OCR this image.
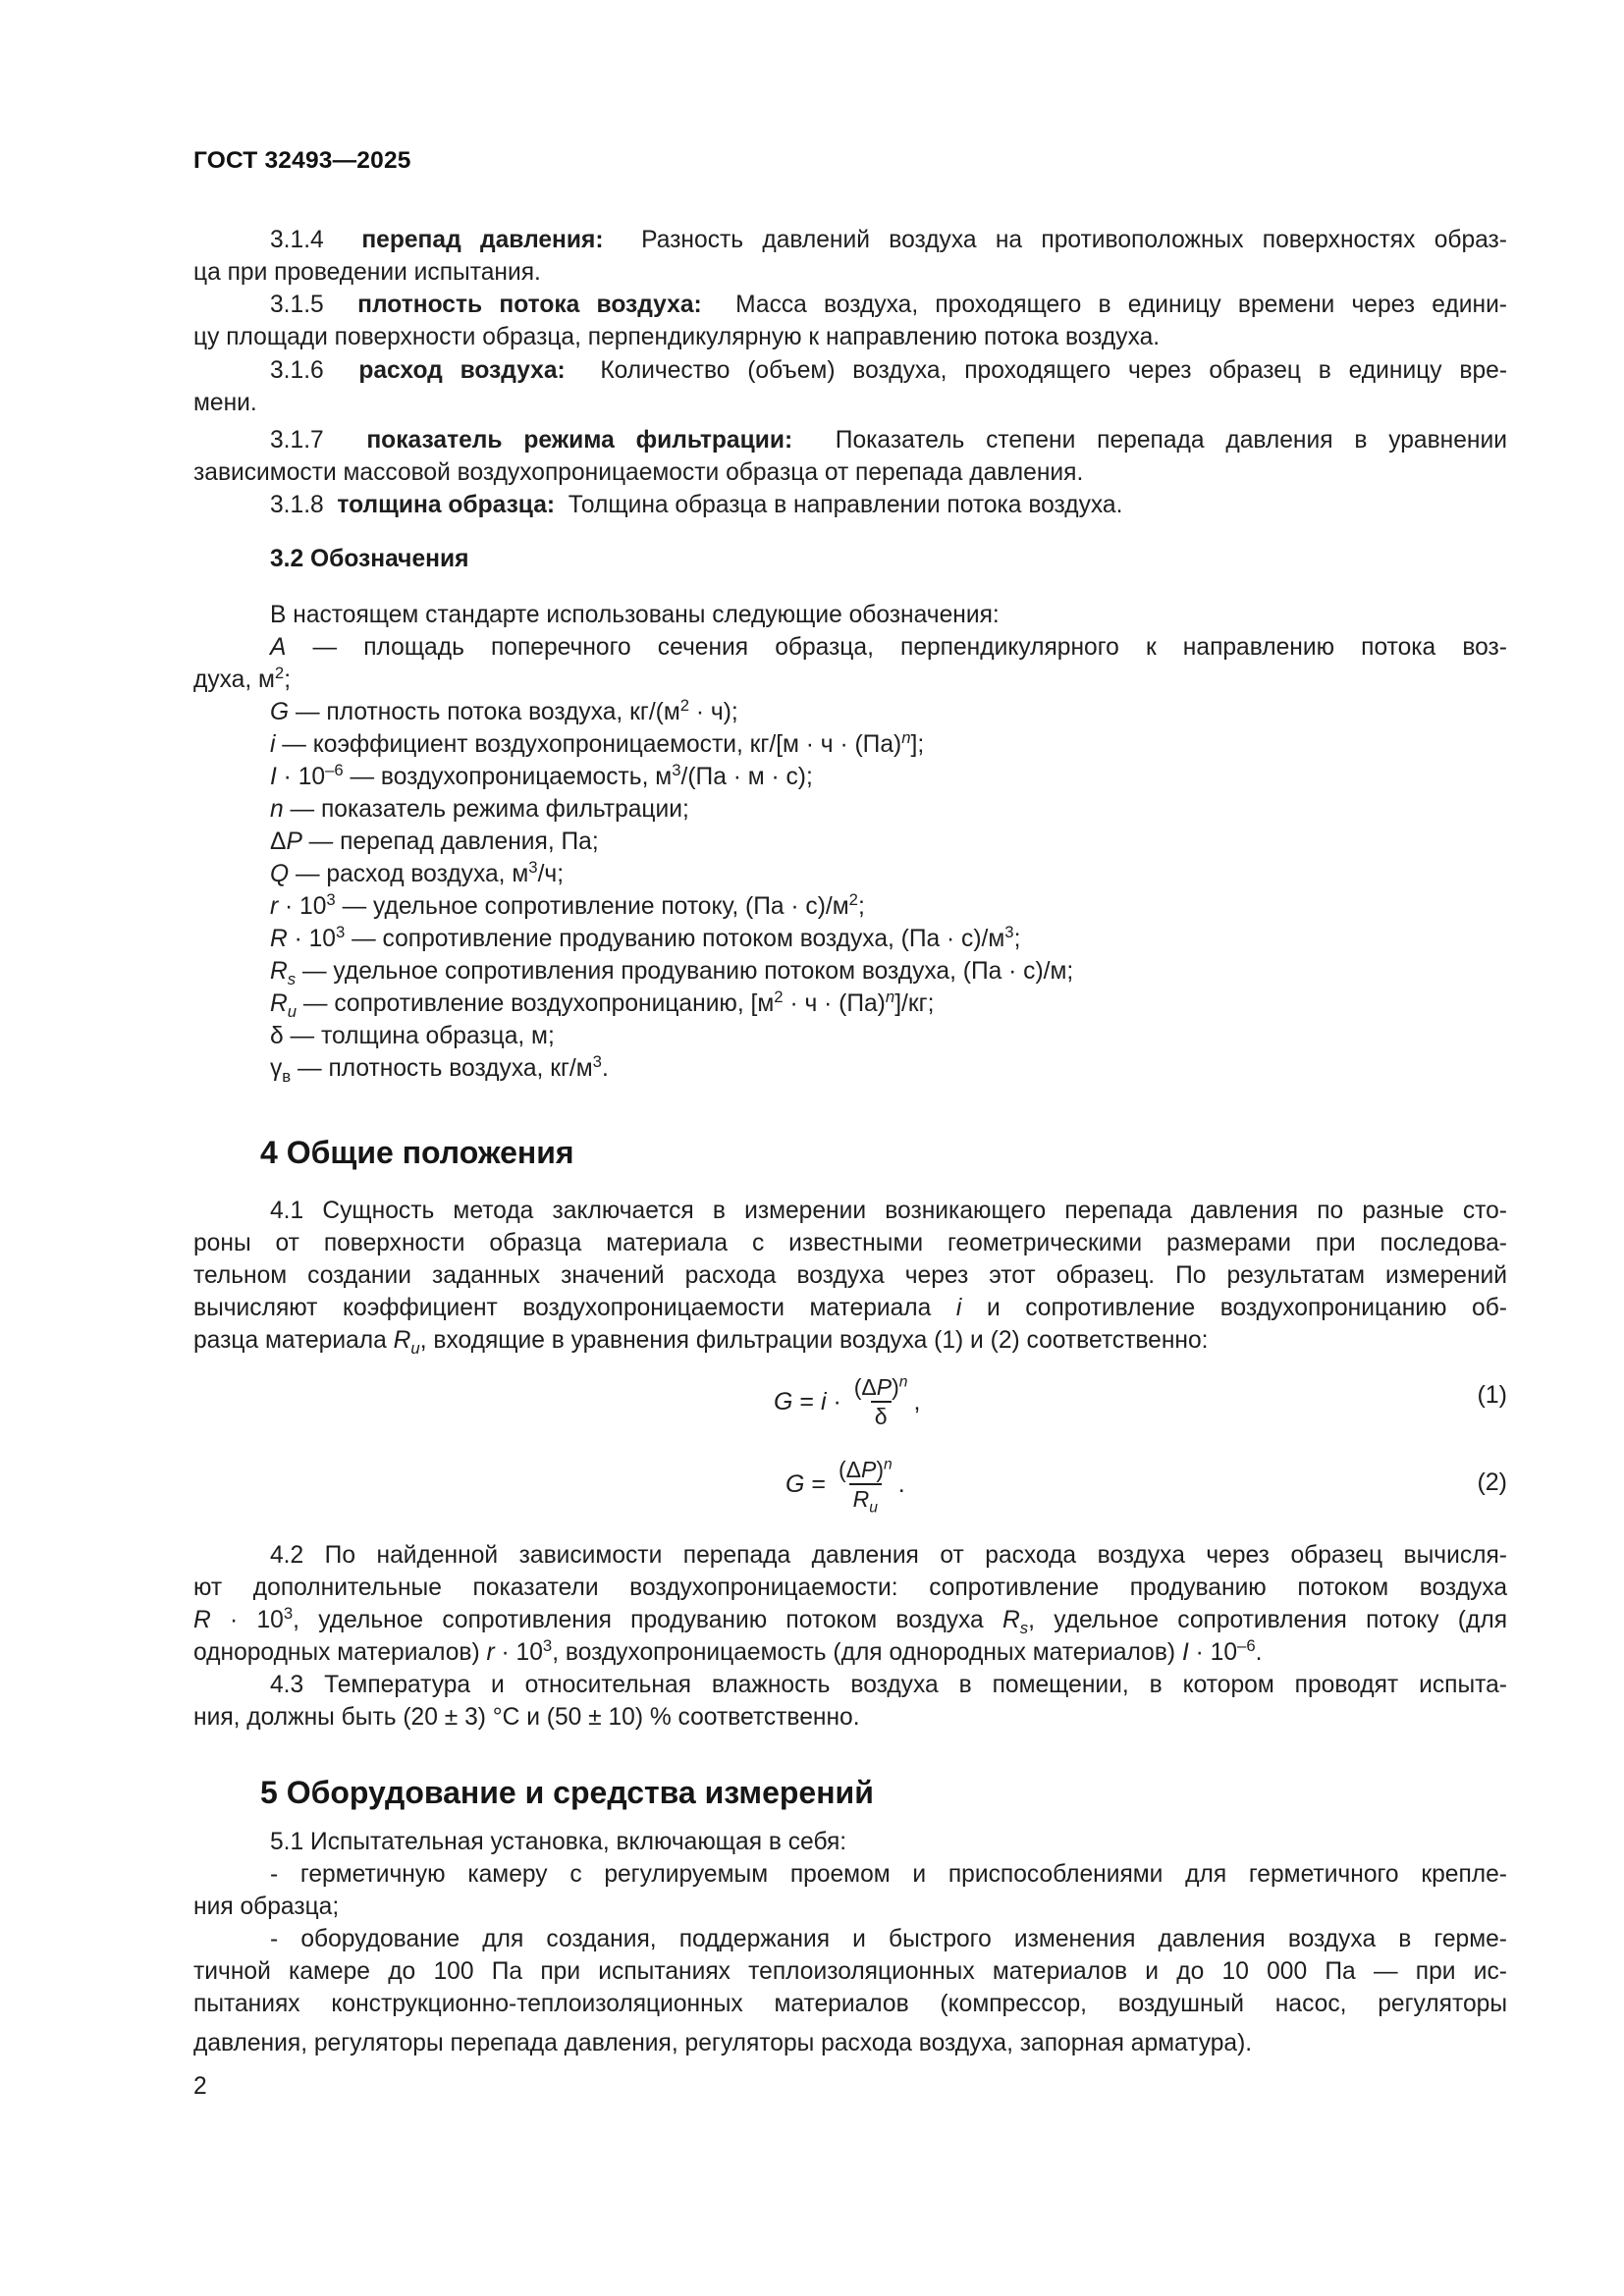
ГОСТ 32493—2025
3.1.4 перепад давления: Разность давлений воздуха на противоположных поверхностях образ-
ца при проведении испытания.
3.1.5 плотность потока воздуха: Масса воздуха, проходящего в единицу времени через едини-
цу площади поверхности образца, перпендикулярную к направлению потока воздуха.
3.1.6 расход воздуха: Количество (объем) воздуха, проходящего через образец в единицу вре-
мени.
3.1.7 показатель режима фильтрации: Показатель степени перепада давления в уравнении
зависимости массовой воздухопроницаемости образца от перепада давления.
3.1.8 толщина образца: Толщина образца в направлении потока воздуха.
3.2 Обозначения
В настоящем стандарте использованы следующие обозначения:
A — площадь поперечного сечения образца, перпендикулярного к направлению потока воз-
духа, $м^2$;
G — плотность потока воздуха, $кг/(м^2 \cdot ч)$;
i — коэффициент воздухопроницаемости, кг/[м · ч · (Па)$^n$];
$I \cdot 10^{-6}$ — воздухопроницаемость, $м^3/(Па \cdot м \cdot с)$;
n — показатель режима фильтрации;
ΔP — перепад давления, Па;
Q — расход воздуха, $м^3/ч$;
$r \cdot 10^3$ — удельное сопротивление потоку, $(Па \cdot с)/м^2$;
$R \cdot 10^3$ — сопротивление продуванию потоком воздуха, $(Па \cdot с)/м^3$;
$R_s$ — удельное сопротивления продуванию потоком воздуха, (Па · с)/м;
$R_u$ — сопротивление воздухопроницанию, $[м^2 \cdot ч \cdot (Па)^n]/кг$;
δ — толщина образца, м;
$\gamma_в$ — плотность воздуха, $кг/м^3$.
4 Общие положения
4.1 Сущность метода заключается в измерении возникающего перепада давления по разные сто-
роны от поверхности образца материала с известными геометрическими размерами при последова-
тельном создании заданных значений расхода воздуха через этот образец. По результатам измерений
вычисляют коэффициент воздухопроницаемости материала i и сопротивление воздухопроницанию об-
разца материала $R_u$, входящие в уравнения фильтрации воздуха (1) и (2) соответственно:
$G = i \cdot \frac{(\Delta P)^n}{\delta}$ ,	(1)
$G = \frac{(\Delta P)^n}{R_u}$ .	(2)
4.2 По найденной зависимости перепада давления от расхода воздуха через образец вычисля-
ют дополнительные показатели воздухопроницаемости: сопротивление продуванию потоком воздуха
$R \cdot 10^3$, удельное сопротивления продуванию потоком воздуха $R_s$, удельное сопротивления потоку (для
однородных материалов) $r \cdot 10^3$, воздухопроницаемость (для однородных материалов) $I \cdot 10^{-6}$.
4.3 Температура и относительная влажность воздуха в помещении, в котором проводят испыта-
ния, должны быть (20 ± 3) °С и (50 ± 10) % соответственно.
5 Оборудование и средства измерений
5.1 Испытательная установка, включающая в себя:
- герметичную камеру с регулируемым проемом и приспособлениями для герметичного крепле-
ния образца;
- оборудование для создания, поддержания и быстрого изменения давления воздуха в герме-
тичной камере до 100 Па при испытаниях теплоизоляционных материалов и до 10 000 Па — при ис-
пытаниях конструкционно-теплоизоляционных материалов (компрессор, воздушный насос, регуляторы
давления, регуляторы перепада давления, регуляторы расхода воздуха, запорная арматура).
2
